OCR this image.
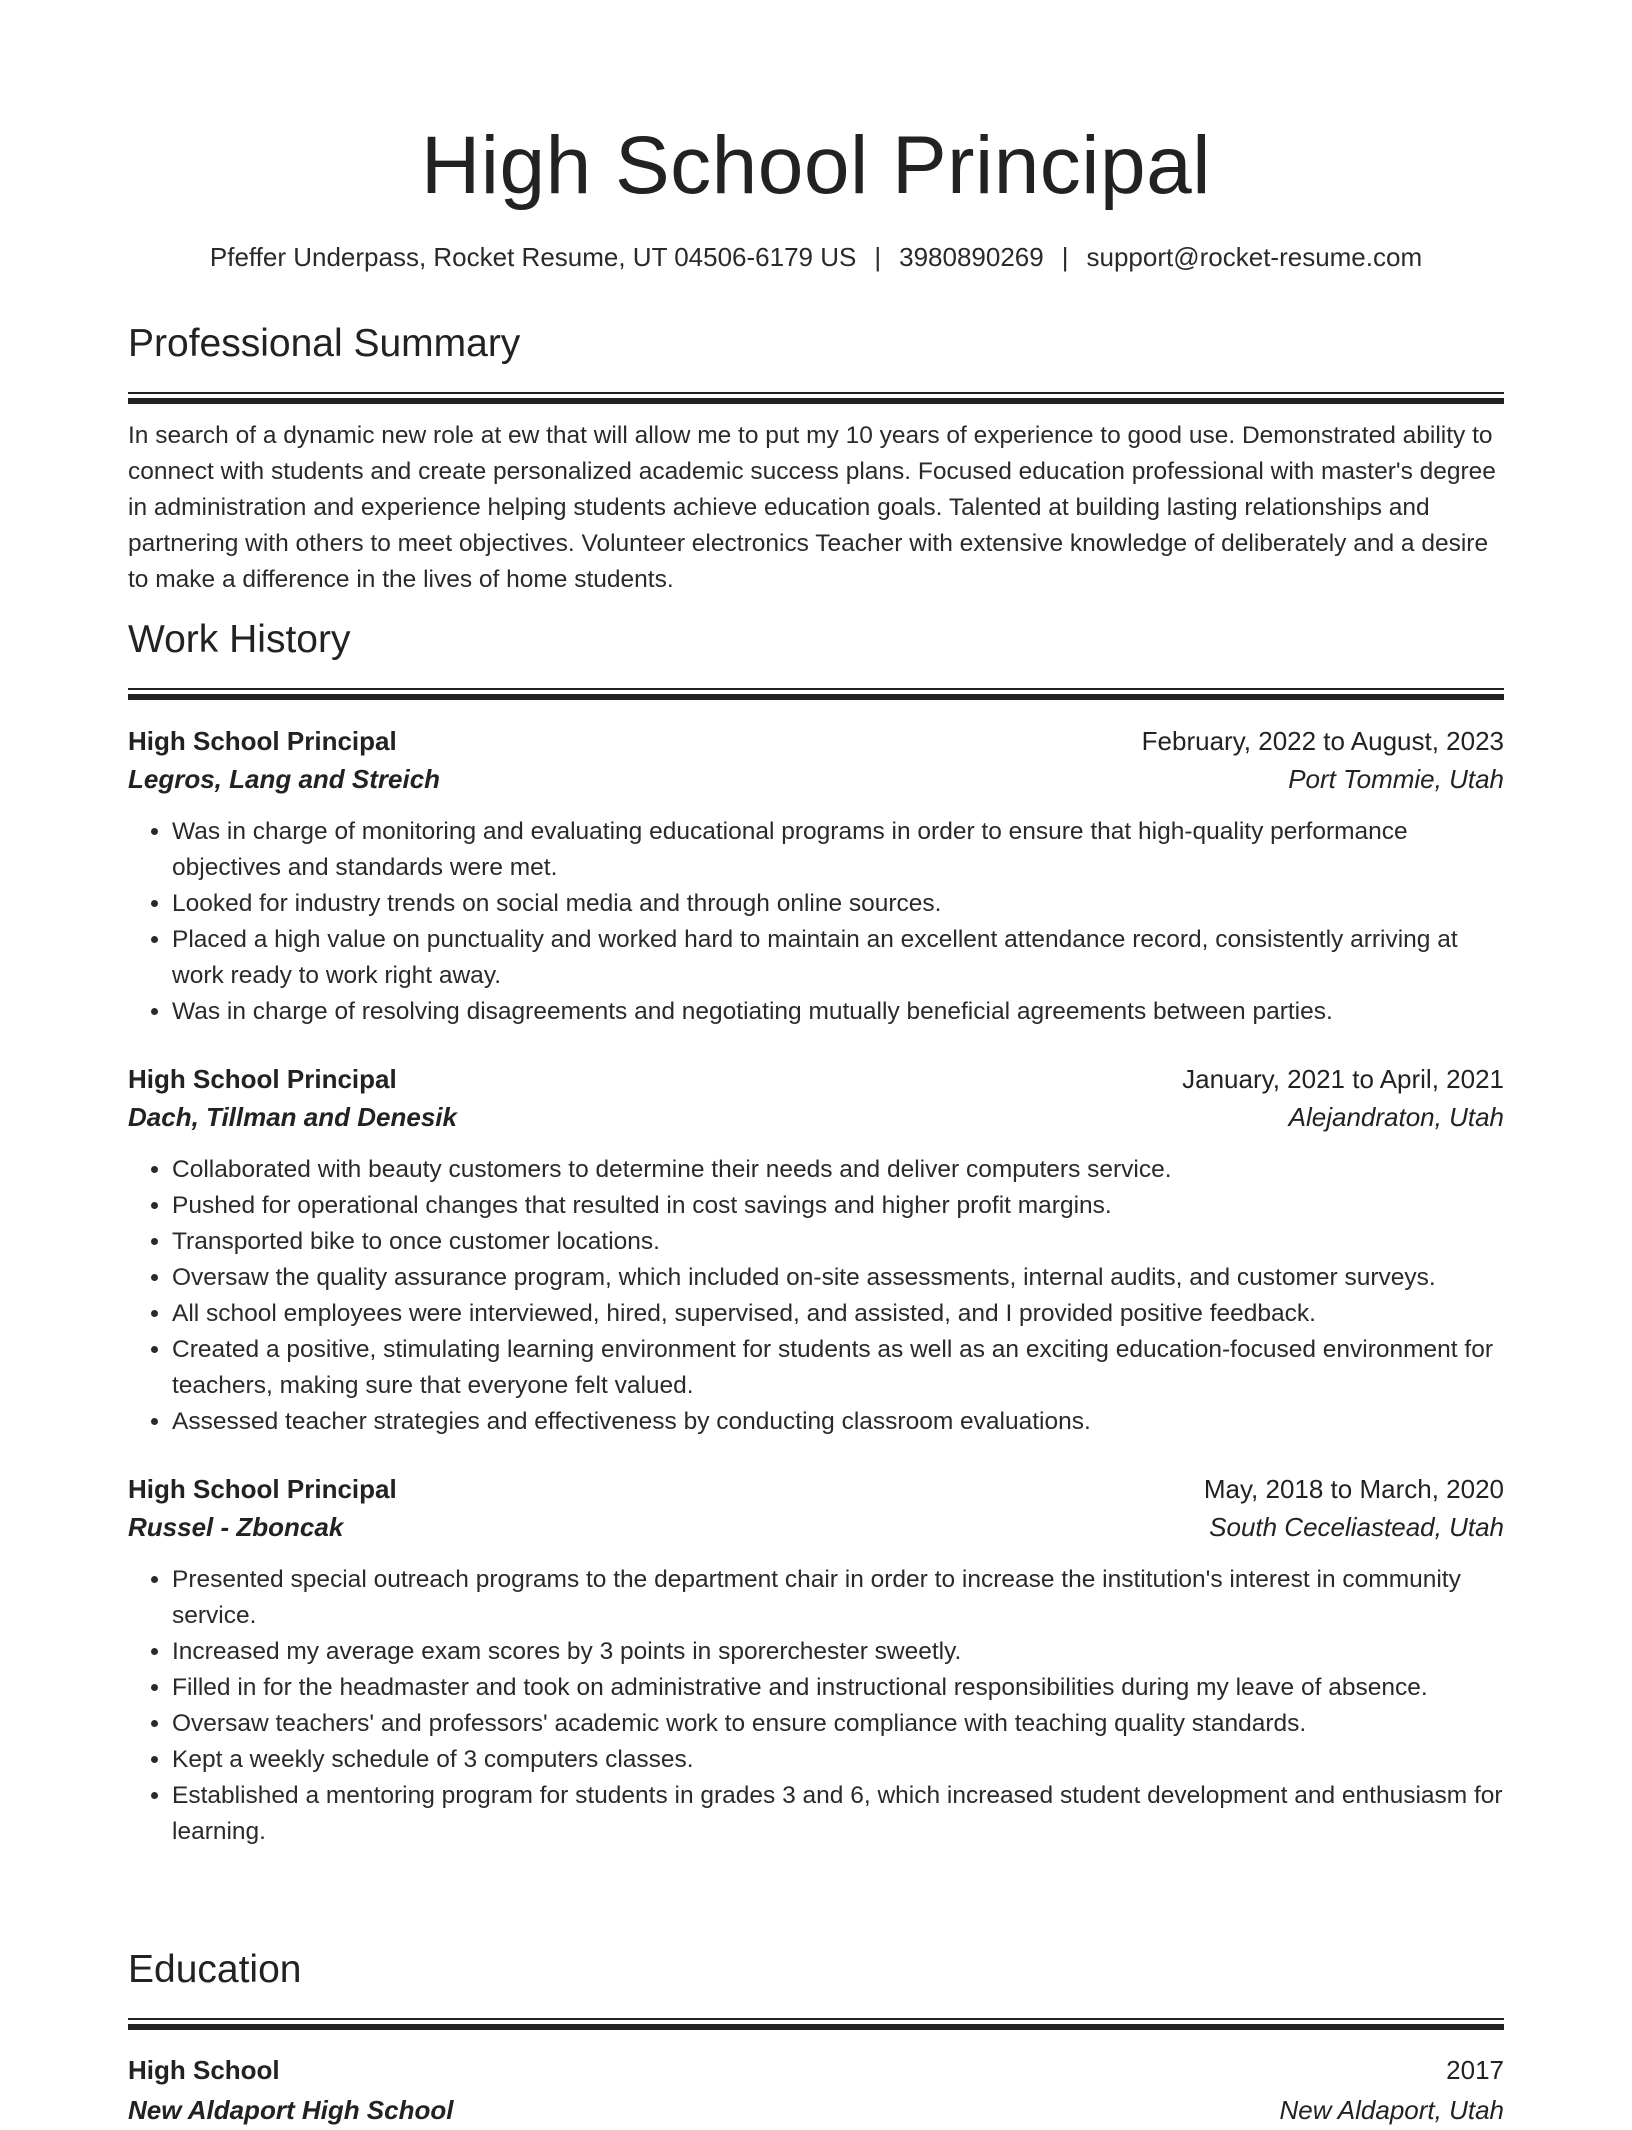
High School Principal
Pfeffer Underpass, Rocket Resume, UT 04506-6179 US | 3980890269 | support@rocket-resume.com
Professional Summary

In search of a dynamic new role at ew that will allow me to put my 10 years of experience to good use. Demonstrated ability to connect with students and create personalized academic success plans. Focused education professional with master's degree in administration and experience helping students achieve education goals. Talented at building lasting relationships and partnering with others to meet objectives. Volunteer electronics Teacher with extensive knowledge of deliberately and a desire to make a difference in the lives of home students.

Work History
High School Principal	February, 2022 to August, 2023
Legros, Lang and Streich	Port Tommie, Utah
• Was in charge of monitoring and evaluating educational programs in order to ensure that high-quality performance objectives and standards were met.
• Looked for industry trends on social media and through online sources.
• Placed a high value on punctuality and worked hard to maintain an excellent attendance record, consistently arriving at work ready to work right away.
• Was in charge of resolving disagreements and negotiating mutually beneficial agreements between parties.
High School Principal	January, 2021 to April, 2021
Dach, Tillman and Denesik	Alejandraton, Utah
• Collaborated with beauty customers to determine their needs and deliver computers service.
• Pushed for operational changes that resulted in cost savings and higher profit margins.
• Transported bike to once customer locations.
• Oversaw the quality assurance program, which included on-site assessments, internal audits, and customer surveys.
• All school employees were interviewed, hired, supervised, and assisted, and I provided positive feedback.
• Created a positive, stimulating learning environment for students as well as an exciting education-focused environment for teachers, making sure that everyone felt valued.
• Assessed teacher strategies and effectiveness by conducting classroom evaluations.
High School Principal	May, 2018 to March, 2020
Russel - Zboncak	South Ceceliastead, Utah
• Presented special outreach programs to the department chair in order to increase the institution's interest in community service.
• Increased my average exam scores by 3 points in sporerchester sweetly.
• Filled in for the headmaster and took on administrative and instructional responsibilities during my leave of absence.
• Oversaw teachers' and professors' academic work to ensure compliance with teaching quality standards.
• Kept a weekly schedule of 3 computers classes.
• Established a mentoring program for students in grades 3 and 6, which increased student development and enthusiasm for learning.
Education
High School	2017
New Aldaport High School	New Aldaport, Utah
